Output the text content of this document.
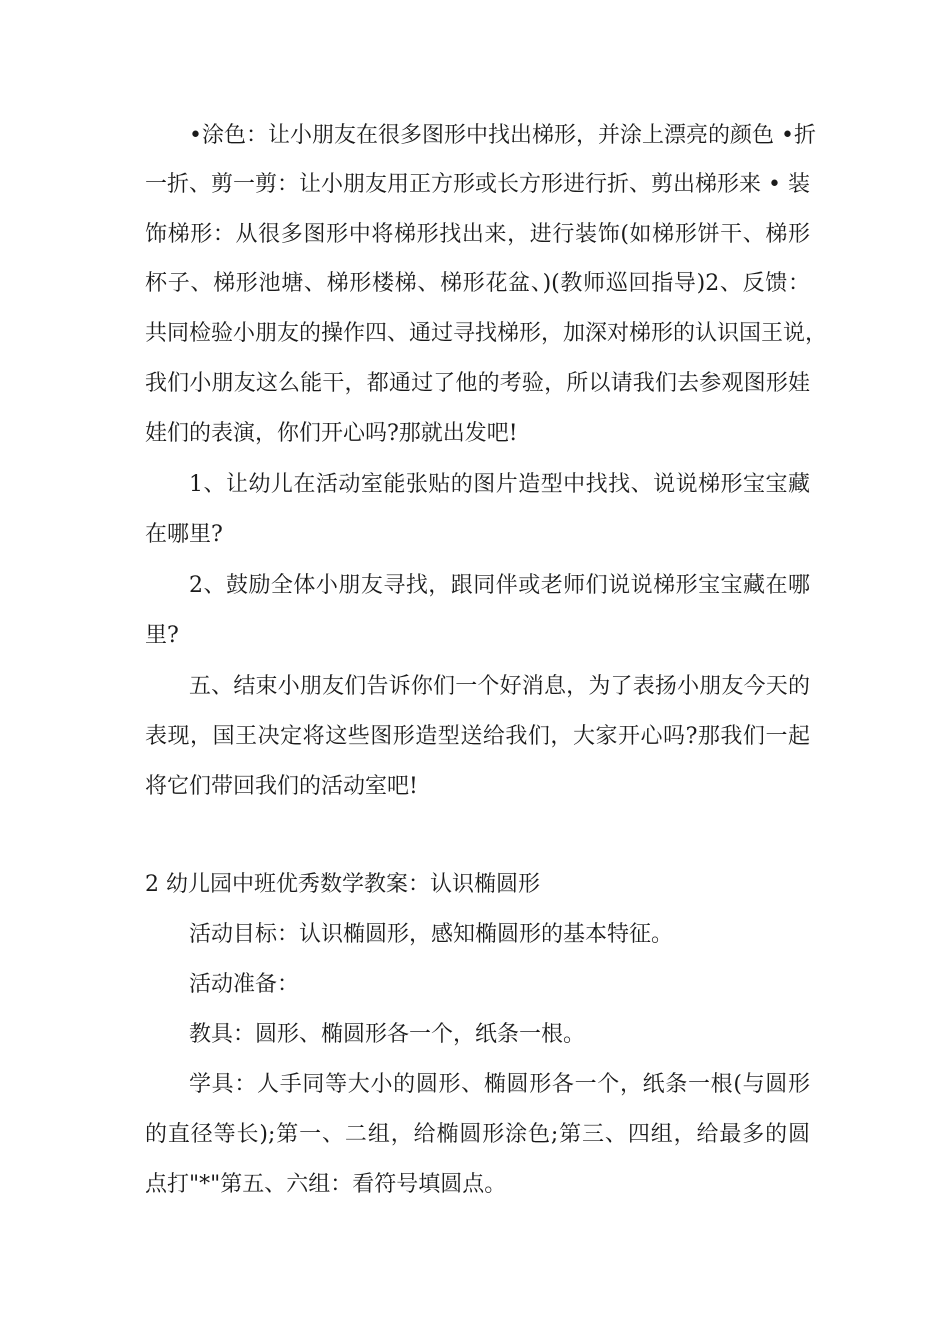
•涂色：让小朋友在很多图形中找出梯形，并涂上漂亮的颜色 •折
一折、剪一剪：让小朋友用正方形或长方形进行折、剪出梯形来 • 装
饰梯形：从很多图形中将梯形找出来，进行装饰(如梯形饼干、梯形
杯子、梯形池塘、梯形楼梯、梯形花盆、)(教师巡回指导)2、反馈：
共同检验小朋友的操作四、通过寻找梯形，加深对梯形的认识国王说，
我们小朋友这么能干，都通过了他的考验，所以请我们去参观图形娃
娃们的表演，你们开心吗?那就出发吧!
1、让幼儿在活动室能张贴的图片造型中找找、说说梯形宝宝藏
在哪里?
2、鼓励全体小朋友寻找，跟同伴或老师们说说梯形宝宝藏在哪
里?
五、结束小朋友们告诉你们一个好消息，为了表扬小朋友今天的
表现，国王决定将这些图形造型送给我们，大家开心吗?那我们一起
将它们带回我们的活动室吧!
2 幼儿园中班优秀数学教案：认识椭圆形
活动目标：认识椭圆形，感知椭圆形的基本特征。
活动准备：
教具：圆形、椭圆形各一个，纸条一根。
学具：人手同等大小的圆形、椭圆形各一个，纸条一根(与圆形
的直径等长);第一、二组，给椭圆形涂色;第三、四组，给最多的圆
点打"*"第五、六组：看符号填圆点。
